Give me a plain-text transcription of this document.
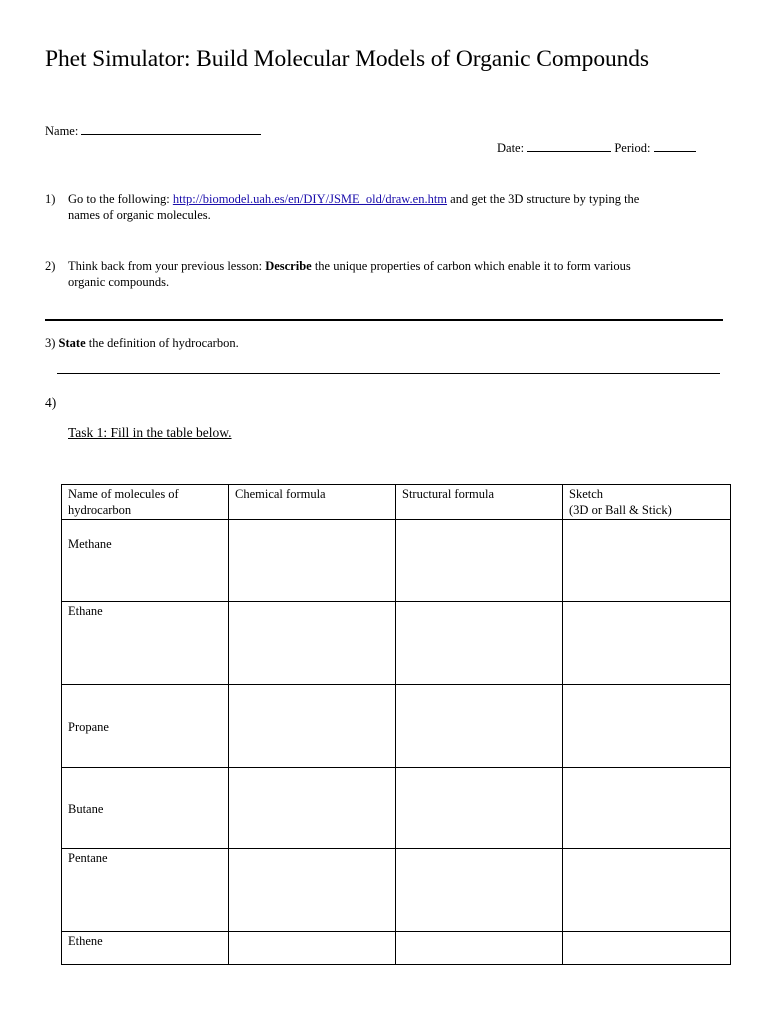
Phet Simulator: Build Molecular Models of Organic Compounds
Name:
Date:	Period:
1) Go to the following: http://biomodel.uah.es/en/DIY/JSME_old/draw.en.htm and get the 3D structure by typing the
names of organic molecules.
2) Think back from your previous lesson: Describe the unique properties of carbon which enable it to form various
organic compounds.
3) State the definition of hydrocarbon.
4)
Task 1: Fill in the table below.
Name of molecules of
hydrocarbon	Chemical formula	Structural formula	Sketch
(3D or Ball & Stick)
Methane			
Ethane			
Propane			
Butane			
Pentane			
Ethene			
